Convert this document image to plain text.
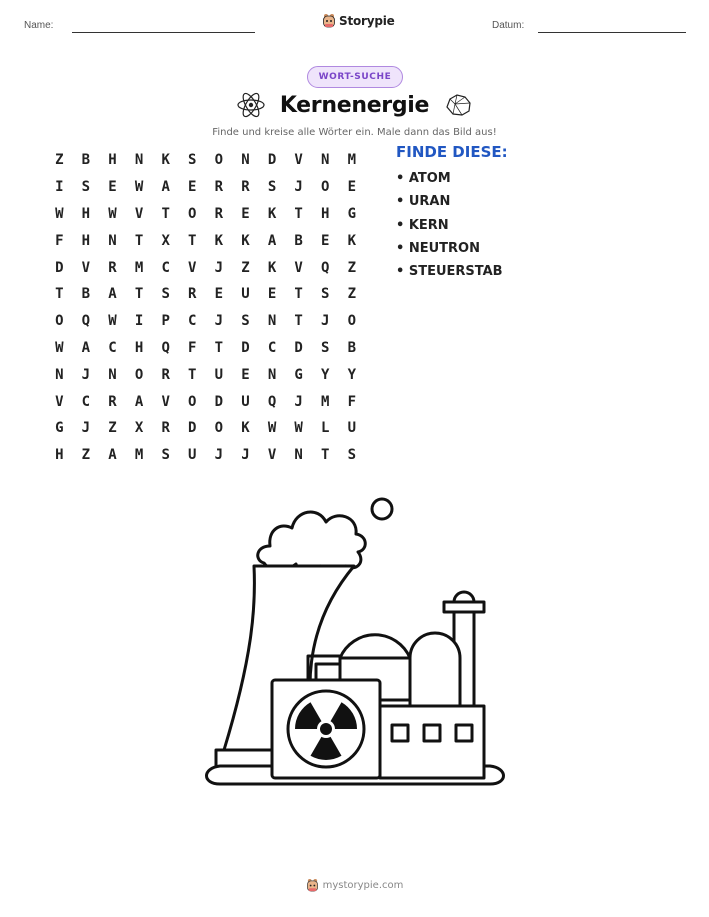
Name:	Storypie	Datum:
WORT-SUCHE
Kernenergie
Finde und kreise alle Wörter ein. Male dann das Bild aus!
Z	B	H	N	K	S	O	N	D	V	N	M
I	S	E	W	A	E	R	R	S	J	O	E
W	H	W	V	T	O	R	E	K	T	H	G
F	H	N	T	X	T	K	K	A	B	E	K
D	V	R	M	C	V	J	Z	K	V	Q	Z
T	B	A	T	S	R	E	U	E	T	S	Z
O	Q	W	I	P	C	J	S	N	T	J	O
W	A	C	H	Q	F	T	D	C	D	S	B
N	J	N	O	R	T	U	E	N	G	Y	Y
V	C	R	A	V	O	D	U	Q	J	M	F
G	J	Z	X	R	D	O	K	W	W	L	U
H	Z	A	M	S	U	J	J	V	N	T	S
FINDE DIESE:
• ATOM
• URAN
• KERN
• NEUTRON
• STEUERSTAB
mystorypie.com
